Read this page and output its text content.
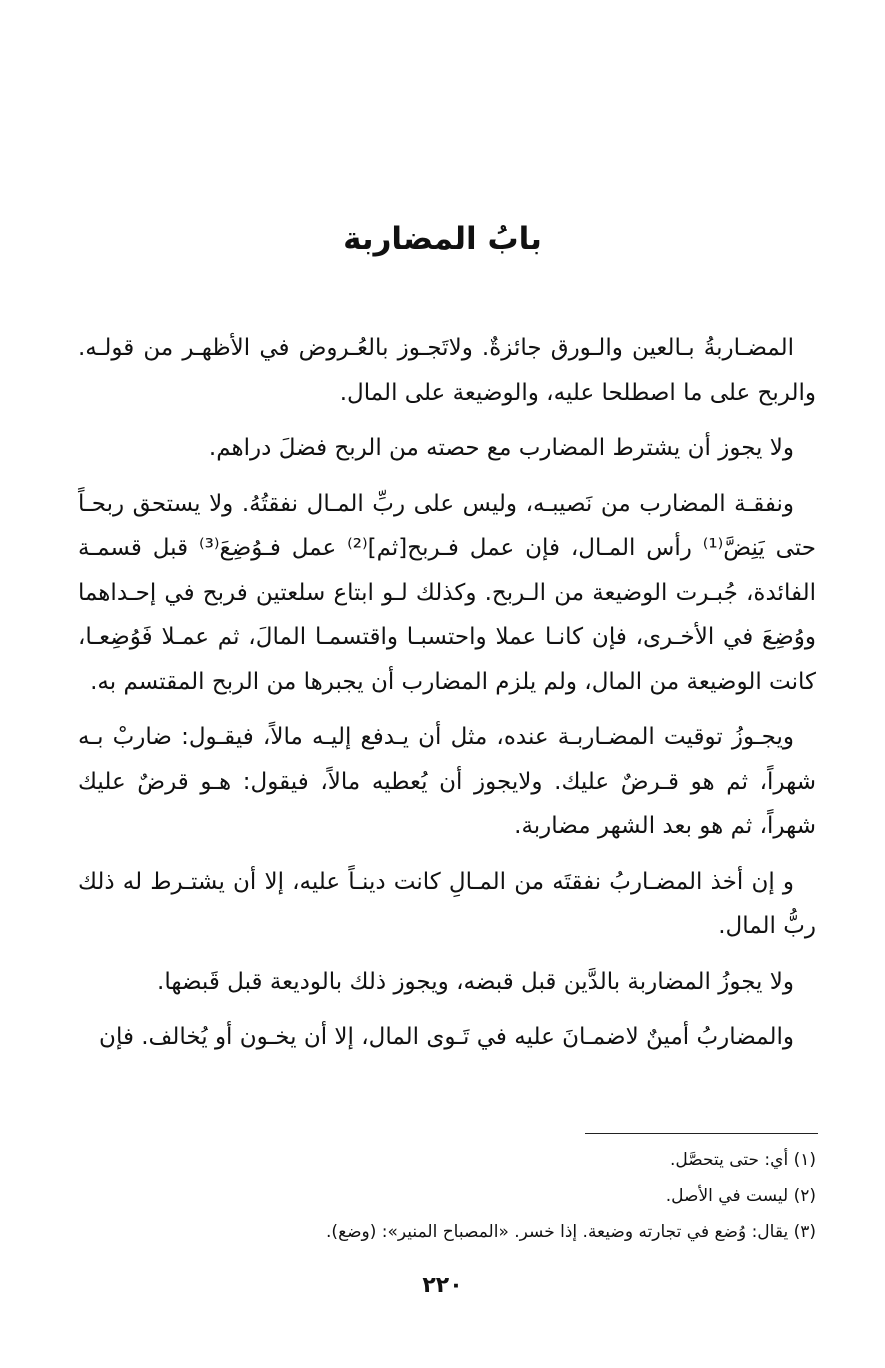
بابُ المضاربة

المضـاربةُ بـالعين والـورق جائزةٌ. ولاتَجـوز بالعُـروض في الأظهـر من قولـه. والربح على ما اصطلحا عليه، والوضيعة على المال.

ولا يجوز أن يشترط المضارب مع حصته من الربح فضلَ دراهم.

ونفقـة المضارب من نَصيبـه، وليس على ربِّ المـال نفقتُهُ. ولا يستحق ربحـاً حتى يَنِضَّ⁽¹⁾ رأس المـال، فإن عمل فـربح[ثم]⁽²⁾ عمل فـوُضِعَ⁽³⁾ قبل قسمـة الفائدة، جُبـرت الوضيعة من الـربح. وكذلك لـو ابتاع سلعتين فربح في إحـداهما ووُضِعَ في الأخـرى، فإن كانـا عملا واحتسبـا واقتسمـا المالَ، ثم عمـلا فَوُضِعـا، كانت الوضيعة من المال، ولم يلزم المضارب أن يجبرها من الربح المقتسم به.

ويجـوزُ توقيت المضـاربـة عنده، مثل أن يـدفع إليـه مالاً، فيقـول: ضاربْ بـه شهراً، ثم هو قـرضٌ عليك. ولايجوز أن يُعطيه مالاً، فيقول: هـو قرضٌ عليك شهراً، ثم هو بعد الشهر مضاربة.

و إن أخذ المضـاربُ نفقتَه من المـالِ كانت دينـاً عليه، إلا أن يشتـرط له ذلك ربُّ المال.

ولا يجوزُ المضاربة بالدَّين قبل قبضه، ويجوز ذلك بالوديعة قبل قَبضها.

والمضاربُ أمينٌ لاضمـانَ عليه في تَـوى المال، إلا أن يخـون أو يُخالف. فإن

(١) أي: حتى يتحصَّل.

(٢) ليست في الأصل.

(٣) يقال: وُضع في تجارته وضيعة. إذا خسر. «المصباح المنير»: (وضع).

٢٢٠
